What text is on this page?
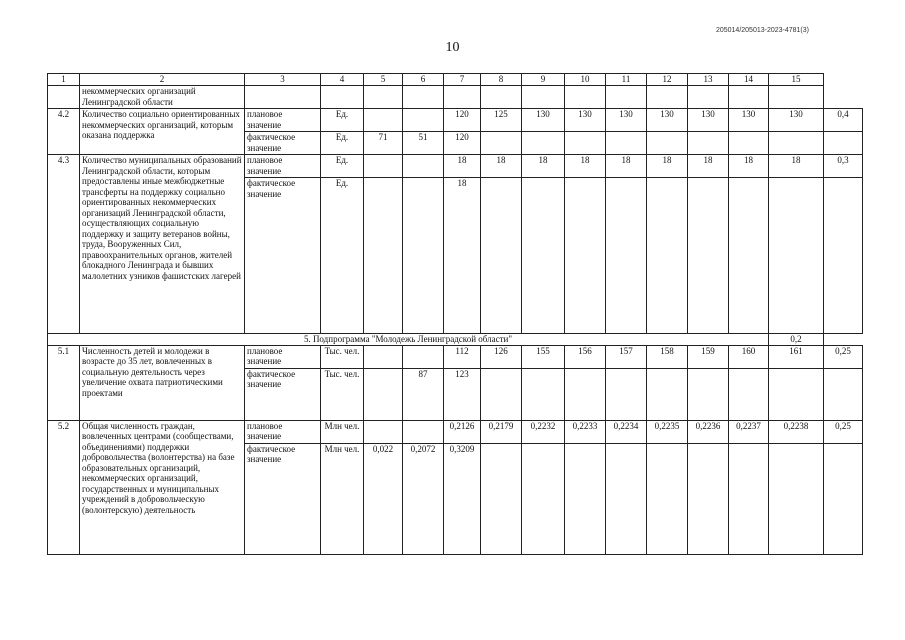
205014/205013-2023-4781(3)
10
1	2	3	4	5	6	7	8	9	10	11	12	13	14	15	
	некоммерческих организаций Ленинградской области														
4.2	Количество социально ориентированных некоммерческих организаций, которым оказана поддержка	плановое значение	Ед.			120	125	130	130	130	130	130	130	130	0,4
		фактическое значение	Ед.	71	51	120									
4.3	Количество муниципальных образований Ленинградской области, которым предоставлены иные межбюджетные трансферты на поддержку социально ориентированных некоммерческих организаций Ленинградской области, осуществляющих социальную поддержку и защиту ветеранов войны, труда, Вооруженных Сил, правоохранительных органов, жителей блокадного Ленинграда и бывших малолетних узников фашистских лагерей	плановое значение	Ед.			18	18	18	18	18	18	18	18	18	0,3
		фактическое значение	Ед.			18									
5. Подпрограмма "Молодежь Ленинградской области"														0,2	
5.1	Численность детей и молодежи в возрасте до 35 лет, вовлеченных в социальную деятельность через увеличение охвата патриотическими проектами	плановое значение	Тыс. чел.			112	126	155	156	157	158	159	160	161	0,25
		фактическое значение	Тыс. чел.		87	123									
5.2	Общая численность граждан, вовлеченных центрами (сообществами, объединениями) поддержки добровольчества (волонтерства) на базе образовательных организаций, некоммерческих организаций, государственных и муниципальных учреждений в добровольческую (волонтерскую) деятельность	плановое значение	Млн чел.			0,2126	0,2179	0,2232	0,2233	0,2234	0,2235	0,2236	0,2237	0,2238	0,25
		фактическое значение	Млн чел.	0,022	0,2072	0,3209									
